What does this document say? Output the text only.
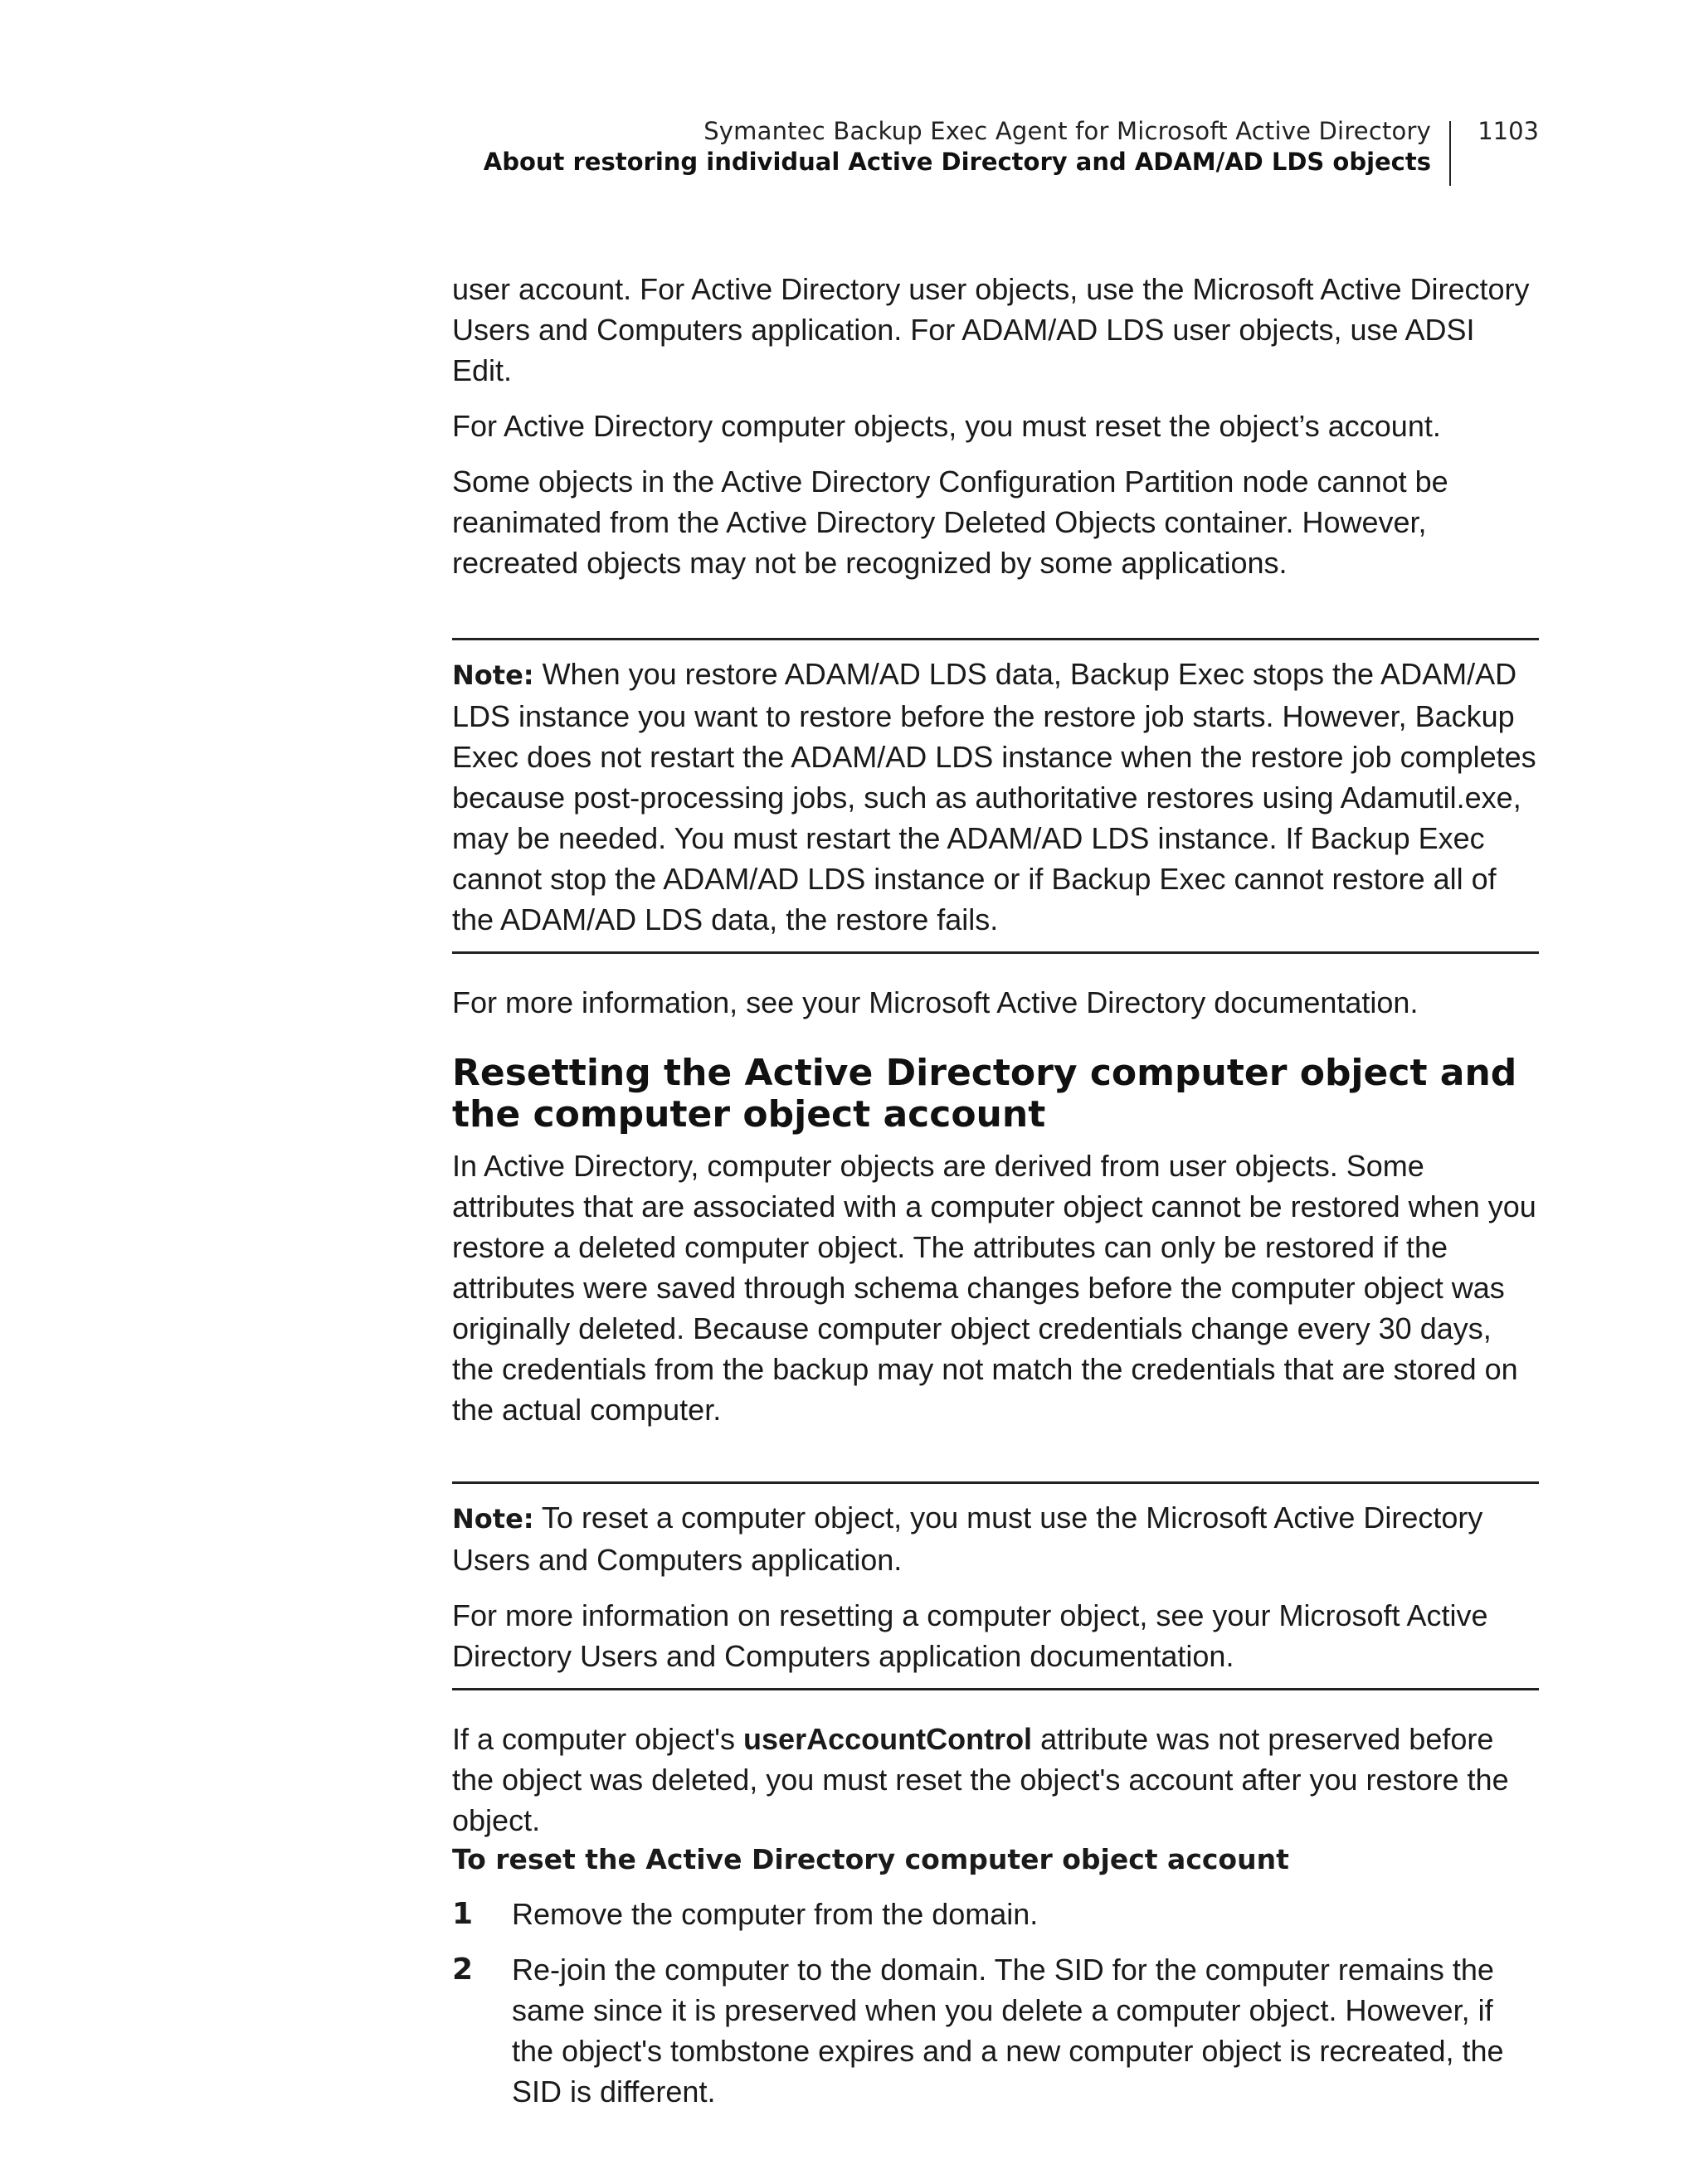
Symantec Backup Exec Agent for Microsoft Active Directory
About restoring individual Active Directory and ADAM/AD LDS objects
1103

user account. For Active Directory user objects, use the Microsoft Active Directory Users and Computers application. For ADAM/AD LDS user objects, use ADSI Edit.

For Active Directory computer objects, you must reset the object’s account.

Some objects in the Active Directory Configuration Partition node cannot be reanimated from the Active Directory Deleted Objects container. However, recreated objects may not be recognized by some applications.

Note: When you restore ADAM/AD LDS data, Backup Exec stops the ADAM/AD LDS instance you want to restore before the restore job starts. However, Backup Exec does not restart the ADAM/AD LDS instance when the restore job completes because post-processing jobs, such as authoritative restores using Adamutil.exe, may be needed. You must restart the ADAM/AD LDS instance. If Backup Exec cannot stop the ADAM/AD LDS instance or if Backup Exec cannot restore all of the ADAM/AD LDS data, the restore fails.

For more information, see your Microsoft Active Directory documentation.

Resetting the Active Directory computer object and the computer object account

In Active Directory, computer objects are derived from user objects. Some attributes that are associated with a computer object cannot be restored when you restore a deleted computer object. The attributes can only be restored if the attributes were saved through schema changes before the computer object was originally deleted. Because computer object credentials change every 30 days, the credentials from the backup may not match the credentials that are stored on the actual computer.

Note: To reset a computer object, you must use the Microsoft Active Directory Users and Computers application.

For more information on resetting a computer object, see your Microsoft Active Directory Users and Computers application documentation.

If a computer object's userAccountControl attribute was not preserved before the object was deleted, you must reset the object's account after you restore the object.

To reset the Active Directory computer object account

1	Remove the computer from the domain.
2	Re-join the computer to the domain. The SID for the computer remains the same since it is preserved when you delete a computer object. However, if the object's tombstone expires and a new computer object is recreated, the SID is different.
